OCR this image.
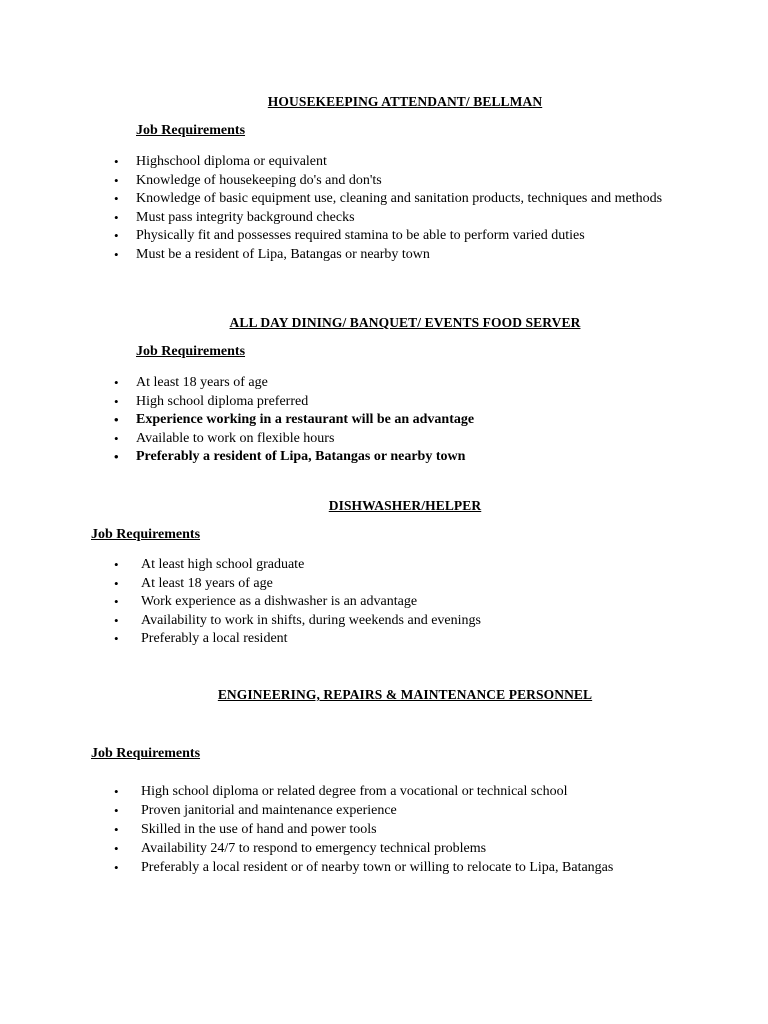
HOUSEKEEPING ATTENDANT/ BELLMAN
Job Requirements
• Highschool diploma or equivalent
• Knowledge of housekeeping do's and don'ts
• Knowledge of basic equipment use, cleaning and sanitation products, techniques and methods
• Must pass integrity background checks
• Physically fit and possesses required stamina to be able to perform varied duties
• Must be a resident of Lipa, Batangas or nearby town
ALL DAY DINING/ BANQUET/ EVENTS FOOD SERVER
Job Requirements
• At least 18 years of age
• High school diploma preferred
• Experience working in a restaurant will be an advantage
• Available to work on flexible hours
• Preferably a resident of Lipa, Batangas or nearby town
DISHWASHER/HELPER
Job Requirements
• At least high school graduate
• At least 18 years of age
• Work experience as a dishwasher is an advantage
• Availability to work in shifts, during weekends and evenings
• Preferably a local resident
ENGINEERING, REPAIRS & MAINTENANCE PERSONNEL
Job Requirements
• High school diploma or related degree from a vocational or technical school
• Proven janitorial and maintenance experience
• Skilled in the use of hand and power tools
• Availability 24/7 to respond to emergency technical problems
• Preferably a local resident or of nearby town or willing to relocate to Lipa, Batangas
